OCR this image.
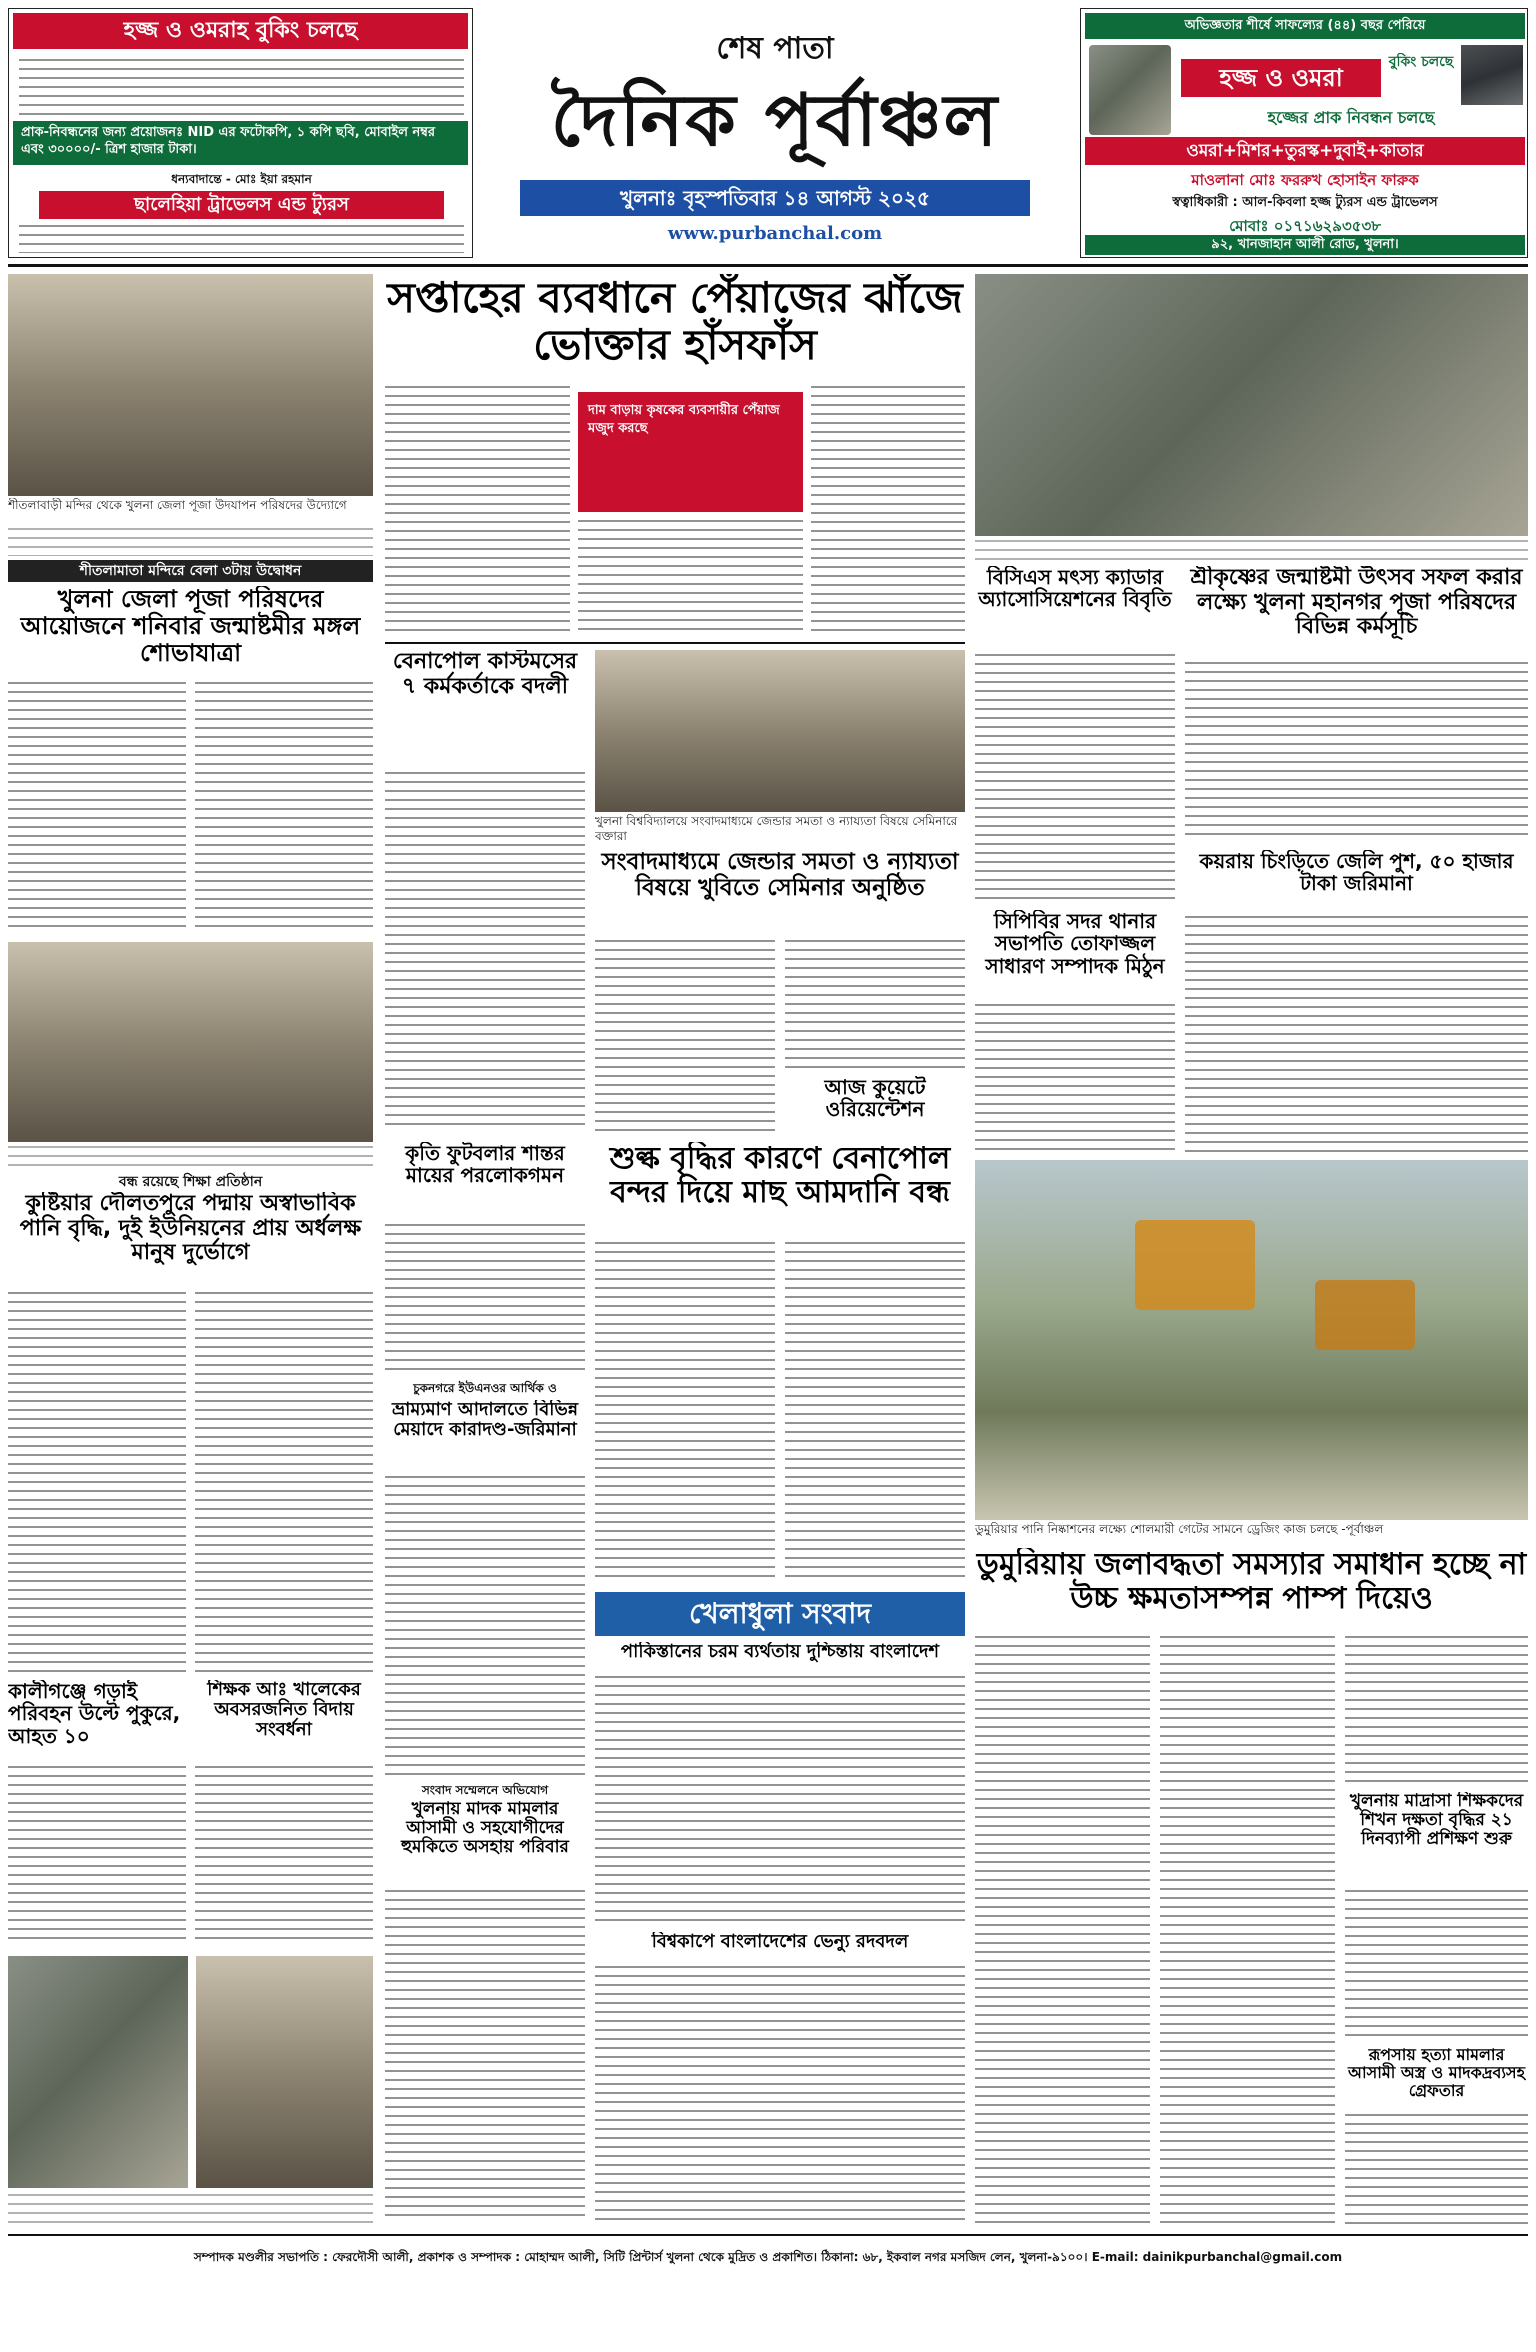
হজ্জ ও ওমরাহ বুকিং চলছে
প্রাক-নিবন্ধনের জন্য প্রয়োজনঃ NID এর ফটোকপি, ১ কপি ছবি, মোবাইল নম্বর এবং ৩০০০০/- ত্রিশ হাজার টাকা।
ধন্যবাদান্তে - মোঃ ইয়া রহমান
ছালেহিয়া ট্রাভেলস এন্ড ট্যুরস
শেষ পাতা
দৈনিক পূর্বাঞ্চল
খুলনাঃ বৃহস্পতিবার ১৪ আগস্ট ২০২৫
www.purbanchal.com
অভিজ্ঞতার শীর্ষে সাফল্যের (৪৪) বছর পেরিয়ে
হজ্জ ও ওমরা
বুকিং চলছে
হজ্জের প্রাক নিবন্ধন চলছে
ওমরা+মিশর+তুরস্ক+দুবাই+কাতার
মাওলানা মোঃ ফররুখ হোসাইন ফারুক
স্বত্বাধিকারী : আল-কিবলা হজ্জ ট্যুরস এন্ড ট্রাভেলস
মোবাঃ ০১৭১৬২৯৩৫৩৮
৯২, খানজাহান আলী রোড, খুলনা।
শীতলাবাড়ী মন্দির থেকে খুলনা জেলা পূজা উদযাপন পরিষদের উদ্যোগে
শীতলামাতা মন্দিরে বেলা ৩টায় উদ্বোধন
খুলনা জেলা পূজা পরিষদের আয়োজনে শনিবার জন্মাষ্টমীর মঙ্গল শোভাযাত্রা
বন্ধ রয়েছে শিক্ষা প্রতিষ্ঠান
কুষ্টিয়ার দৌলতপুরে পদ্মায় অস্বাভাবিক পানি বৃদ্ধি, দুই ইউনিয়নের প্রায় অর্ধলক্ষ মানুষ দুর্ভোগে
কালীগঞ্জে গড়াই পরিবহন উল্টে পুকুরে, আহত ১০
সপ্তাহের ব্যবধানে পেঁয়াজের ঝাঁজে ভোক্তার হাঁসফাঁস
দাম বাড়ায় কৃষকের ব্যবসায়ীর পেঁয়াজ মজুদ করছে
বেনাপোল কাস্টমসের ৭ কর্মকর্তাকে বদলী
খুলনা বিশ্ববিদ্যালয়ে সংবাদমাধ্যমে জেন্ডার সমতা ও ন্যায্যতা বিষয়ে সেমিনারে বক্তারা
সংবাদমাধ্যমে জেন্ডার সমতা ও ন্যায্যতা বিষয়ে খুবিতে সেমিনার অনুষ্ঠিত
কৃতি ফুটবলার শান্তর মায়ের পরলোকগমন
চুকনগরে ইউএনওর আর্থিক ও
ভ্রাম্যমাণ আদালতে বিভিন্ন মেয়াদে কারাদণ্ড-জরিমানা
সংবাদ সম্মেলনে অভিযোগ
খুলনায় মাদক মামলার আসামী ও সহযোগীদের হুমকিতে অসহায় পরিবার
শুল্ক বৃদ্ধির কারণে বেনাপোল বন্দর দিয়ে মাছ আমদানি বন্ধ
খেলাধুলা সংবাদ
পাকিস্তানের চরম ব্যর্থতায় দুশ্চিন্তায় বাংলাদেশ
বিশ্বকাপে বাংলাদেশের ভেন্যু রদবদল
বিসিএস মৎস্য ক্যাডার অ্যাসোসিয়েশনের বিবৃতি
শ্রীকৃষ্ণের জন্মাষ্টমী উৎসব সফল করার লক্ষ্যে খুলনা মহানগর পূজা পরিষদের বিভিন্ন কর্মসূচি
সিপিবির সদর থানার সভাপতি তোফাজ্জল সাধারণ সম্পাদক মিঠুন
কয়রায় চিংড়িতে জেলি পুশ, ৫০ হাজার টাকা জরিমানা
ডুমুরিয়ার পানি নিষ্কাশনের লক্ষ্যে শোলমারী গেটের সামনে ড্রেজিং কাজ চলছে -পূর্বাঞ্চল
ডুমুরিয়ায় জলাবদ্ধতা সমস্যার সমাধান হচ্ছে না উচ্চ ক্ষমতাসম্পন্ন পাম্প দিয়েও
খুলনায় মাদ্রাসা শিক্ষকদের শিখন দক্ষতা বৃদ্ধির ২১ দিনব্যাপী প্রশিক্ষণ শুরু
রূপসায় হত্যা মামলার আসামী অস্ত্র ও মাদকদ্রব্যসহ গ্রেফতার
সম্পাদক মণ্ডলীর সভাপতি : ফেরদৌসী আলী, প্রকাশক ও সম্পাদক : মোহাম্মদ আলী, সিটি প্রিন্টার্স খুলনা থেকে মুদ্রিত ও প্রকাশিত। ঠিকানা: ৬৮, ইকবাল নগর মসজিদ লেন, খুলনা-৯১০০। E-mail: dainikpurbanchal@gmail.com
আজ কুয়েটে ওরিয়েন্টেশন
শিক্ষক আঃ খালেকের অবসরজনিত বিদায় সংবর্ধনা
